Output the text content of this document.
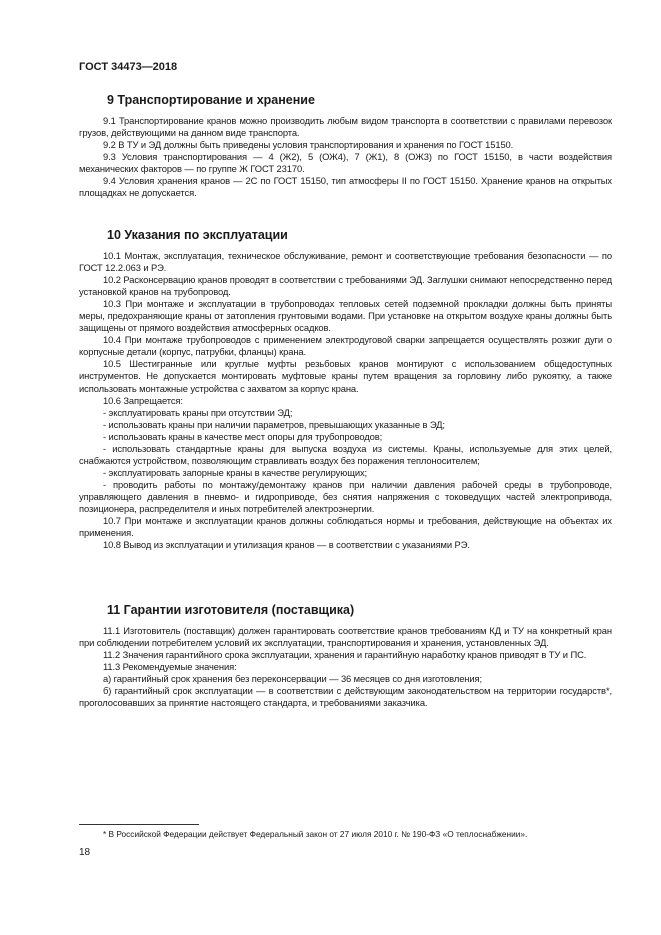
ГОСТ 34473—2018
9 Транспортирование и хранение

9.1 Транспортирование кранов можно производить любым видом транспорта в соответствии с правилами перевозок грузов, действующими на данном виде транспорта.

9.2 В ТУ и ЭД должны быть приведены условия транспортирования и хранения по ГОСТ 15150.

9.3 Условия транспортирования — 4 (Ж2), 5 (ОЖ4), 7 (Ж1), 8 (ОЖ3) по ГОСТ 15150, в части воздействия механических факторов — по группе Ж ГОСТ 23170.

9.4 Условия хранения кранов — 2С по ГОСТ 15150, тип атмосферы II по ГОСТ 15150. Хранение кранов на открытых площадках не допускается.

10 Указания по эксплуатации

10.1 Монтаж, эксплуатация, техническое обслуживание, ремонт и соответствующие требования безопасности — по ГОСТ 12.2.063 и РЭ.

10.2 Расконсервацию кранов проводят в соответствии с требованиями ЭД. Заглушки снимают непосредственно перед установкой кранов на трубопровод.

10.3 При монтаже и эксплуатации в трубопроводах тепловых сетей подземной прокладки должны быть приняты меры, предохраняющие краны от затопления грунтовыми водами. При установке на открытом воздухе краны должны быть защищены от прямого воздействия атмосферных осадков.

10.4 При монтаже трубопроводов с применением электродуговой сварки запрещается осуществлять розжиг дуги о корпусные детали (корпус, патрубки, фланцы) крана.

10.5 Шестигранные или круглые муфты резьбовых кранов монтируют с использованием общедоступных инструментов. Не допускается монтировать муфтовые краны путем вращения за горловину либо рукоятку, а также использовать монтажные устройства с захватом за корпус крана.

10.6 Запрещается:

- эксплуатировать краны при отсутствии ЭД;

- использовать краны при наличии параметров, превышающих указанные в ЭД;

- использовать краны в качестве мест опоры для трубопроводов;

- использовать стандартные краны для выпуска воздуха из системы. Краны, используемые для этих целей, снабжаются устройством, позволяющим стравливать воздух без поражения теплоносителем;

- эксплуатировать запорные краны в качестве регулирующих;

- проводить работы по монтажу/демонтажу кранов при наличии давления рабочей среды в трубопроводе, управляющего давления в пневмо- и гидроприводе, без снятия напряжения с токоведущих частей электропривода, позиционера, распределителя и иных потребителей электроэнергии.

10.7 При монтаже и эксплуатации кранов должны соблюдаться нормы и требования, действующие на объектах их применения.

10.8 Вывод из эксплуатации и утилизация кранов — в соответствии с указаниями РЭ.

11 Гарантии изготовителя (поставщика)

11.1 Изготовитель (поставщик) должен гарантировать соответствие кранов требованиям КД и ТУ на конкретный кран при соблюдении потребителем условий их эксплуатации, транспортирования и хранения, установленных ЭД.

11.2 Значения гарантийного срока эксплуатации, хранения и гарантийную наработку кранов приводят в ТУ и ПС.

11.3 Рекомендуемые значения:

а) гарантийный срок хранения без переконсервации — 36 месяцев со дня изготовления;

б) гарантийный срок эксплуатации — в соответствии с действующим законодательством на территории государств*, проголосовавших за принятие настоящего стандарта, и требованиями заказчика.

* В Российской Федерации действует Федеральный закон от 27 июля 2010 г. № 190-ФЗ «О теплоснабжении».
18
